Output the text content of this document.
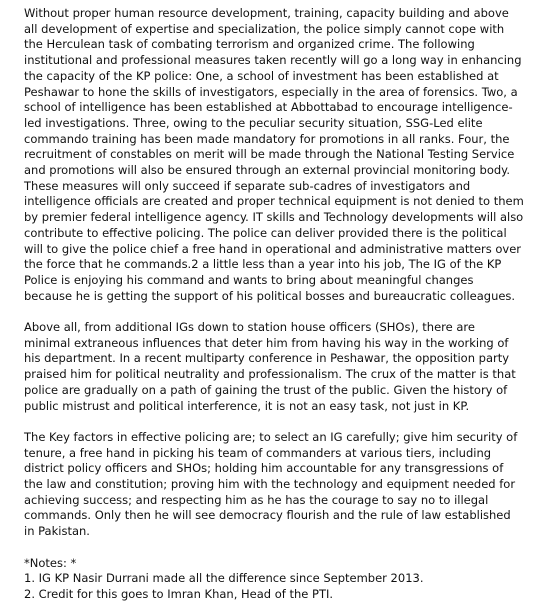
Without proper human resource development, training, capacity building and above all development of expertise and specialization, the police simply cannot cope with the Herculean task of combating terrorism and organized crime. The following institutional and professional measures taken recently will go a long way in enhancing the capacity of the KP police: One, a school of investment has been established at Peshawar to hone the skills of investigators, especially in the area of forensics. Two, a school of intelligence has been established at Abbottabad to encourage intelligence- led investigations. Three, owing to the peculiar security situation, SSG-Led elite commando training has been made mandatory for promotions in all ranks. Four, the recruitment of constables on merit will be made through the National Testing Service and promotions will also be ensured through an external provincial monitoring body.

These measures will only succeed if separate sub-cadres of investigators and intelligence officials are created and proper technical equipment is not denied to them by premier federal intelligence agency. IT skills and Technology developments will also contribute to effective policing. The police can deliver provided there is the political will to give the police chief a free hand in operational and administrative matters over the force that he commands.2 a little less than a year into his job, The IG of the KP Police is enjoying his command and wants to bring about meaningful changes because he is getting the support of his political bosses and bureaucratic colleagues.

Above all, from additional IGs down to station house officers (SHOs), there are minimal extraneous influences that deter him from having his way in the working of his department. In a recent multiparty conference in Peshawar, the opposition party praised him for political neutrality and professionalism. The crux of the matter is that police are gradually on a path of gaining the trust of the public. Given the history of public mistrust and political interference, it is not an easy task, not just in KP.

The Key factors in effective policing are; to select an IG carefully; give him security of tenure, a free hand in picking his team of commanders at various tiers, including district policy officers and SHOs; holding him accountable for any transgressions of the law and constitution; proving him with the technology and equipment needed for achieving success; and respecting him as he has the courage to say no to illegal commands. Only then he will see democracy flourish and the rule of law established in Pakistan.

*Notes: *

1. IG KP Nasir Durrani made all the difference since September 2013.

2. Credit for this goes to Imran Khan, Head of the PTI.
